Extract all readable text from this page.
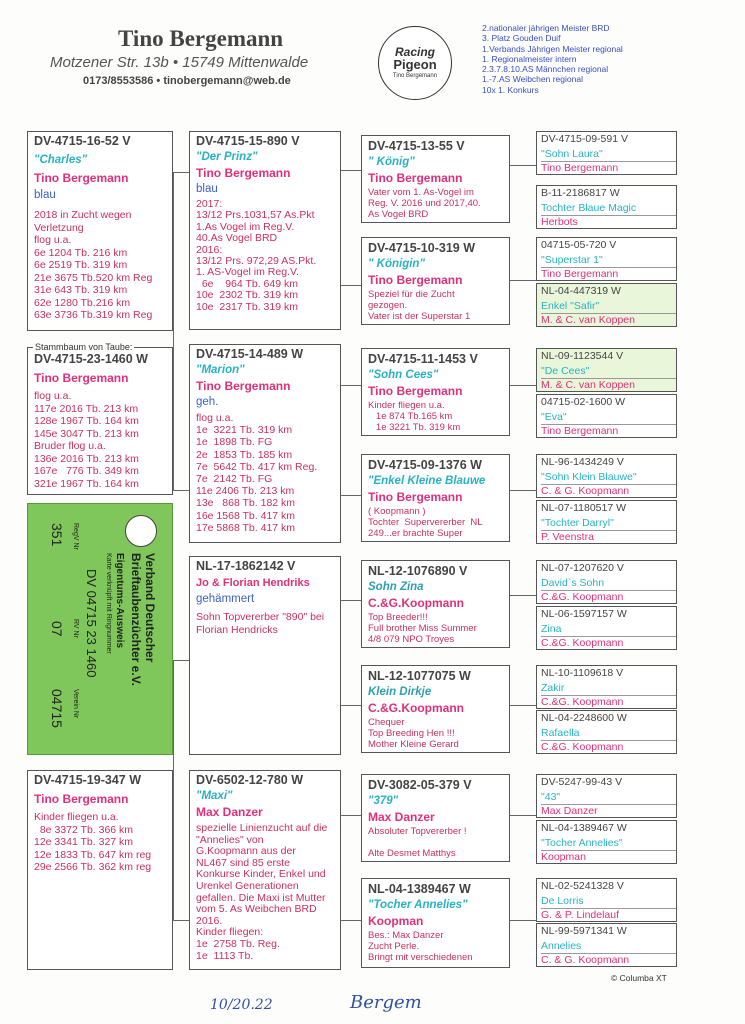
Tino Bergemann
Motzener Str. 13b • 15749 Mittenwalde
0173/8553586 • tinobergemann@web.de
Racing
Pigeon
Tino Bergemann
2.nationaler jährigen Meister BRD
3. Platz Gouden Duif
1.Verbands Jährigen Meister regional
1. Regionalmeister intern
2.3.7.8.10.AS Männchen regional
1.-7.AS Weibchen regional
10x 1. Konkurs
DV-4715-16-52 V
"Charles"
Tino Bergemann
blau
2018 in Zucht wegen
Verletzung
flog u.a.
6e 1204 Tb. 216 km
6e 2519 Tb. 319 km
21e 3675 Tb.520 km Reg
31e 643 Tb. 319 km
62e 1280 Tb.216 km
63e 3736 Tb.319 km Reg
Stammbaum von Taube:
DV-4715-23-1460 W
Tino Bergemann
flog u.a.
117e 2016 Tb. 213 km
128e 1967 Tb. 164 km
145e 3047 Tb. 213 km
Bruder flog u.a.
136e 2016 Tb. 213 km
167e   776 Tb. 349 km
321e 1967 Tb. 164 km
Verband Deutscher
Brieftaubenzüchter e.V.
Eigentums-Ausweis
Karte verknüpft mit Ringnummer
DV 04715 23 1460
RegV Nr
RV Nr
Verein Nr
351
07
04715
DV-4715-19-347 W
Tino Bergemann
Kinder fliegen u.a.
8e 3372 Tb. 366 km
12e 3341 Tb. 327 km
12e 1833 Tb. 647 km reg
29e 2566 Tb. 362 km reg
DV-4715-15-890 V
"Der Prinz"
Tino Bergemann
blau
2017:
13/12 Prs.1031,57 As.Pkt
1.As Vogel im Reg.V.
40.As Vogel BRD
2016:
13/12 Prs. 972,29 AS.Pkt.
1. AS-Vogel im Reg.V.
6e    964 Tb. 649 km
10e  2302 Tb. 319 km
10e  2317 Tb. 319 km
DV-4715-14-489 W
"Marion"
Tino Bergemann
geh.
flog u.a.
1e  3221 Tb. 319 km
1e  1898 Tb. FG
2e  1853 Tb. 185 km
7e  5642 Tb. 417 km Reg.
7e  2142 Tb. FG
11e 2406 Tb. 213 km
13e   868 Tb. 182 km
16e 1568 Tb. 417 km
17e 5868 Tb. 417 km
NL-17-1862142 V
Jo & Florian Hendriks
gehämmert
Sohn Topvererber "890" bei
Florian Hendricks
DV-6502-12-780 W
"Maxi"
Max Danzer
spezielle Linienzucht auf die
"Annelies" von
G.Koopmann aus der
NL467 sind 85 erste
Konkurse Kinder, Enkel und
Urenkel Generationen
gefallen. Die Maxi ist Mutter
vom 5. As Weibchen BRD
2016.
Kinder fliegen:
1e  2758 Tb. Reg.
1e  1113 Tb.
DV-4715-13-55 V
" König"
Tino Bergemann
Vater vom 1. As-Vogel im
Reg. V. 2016 und 2017,40.
As Vogel BRD
DV-4715-10-319 W
" Königin"
Tino Bergemann
Speziel für die Zucht
gezogen.
Vater ist der Superstar 1
DV-4715-11-1453 V
"Sohn Cees"
Tino Bergemann
Kinder fliegen u.a.
1e 874 Tb.165 km
1e 3221 Tb. 319 km
DV-4715-09-1376 W
"Enkel Kleine Blauwe
Tino Bergemann
( Koopmann )
Tochter  Supervererber  NL
249...er brachte Super
NL-12-1076890 V
Sohn Zina
C.&G.Koopmann
Top Breeder!!!
Full brother Miss Summer
4/8 079 NPO Troyes
NL-12-1077075 W
Klein Dirkje
C.&G.Koopmann
Chequer
Top Breeding Hen !!!
Mother Kleine Gerard
DV-3082-05-379 V
"379"
Max Danzer
Absoluter Topvererber !

Alte Desmet Matthys
NL-04-1389467 W
"Tocher Annelies"
Koopman
Bes.: Max Danzer
Zucht Perle.
Bringt mit verschiedenen
DV-4715-09-591 V
"Sohn Laura"
Tino Bergemann
B-11-2186817 W
Tochter Blaue Magic
Herbots
04715-05-720 V
"Superstar 1"
Tino Bergemann
NL-04-447319 W
Enkel "Safir"
M. & C. van Koppen
NL-09-1123544 V
"De Cees"
M. & C. van Koppen
04715-02-1600 W
"Eva"
Tino Bergemann
NL-96-1434249 V
"Sohn Klein Blauwe"
C. & G. Koopmann
NL-07-1180517 W
"Tochter Darryl"
P. Veenstra
NL-07-1207620 V
David`s Sohn
C.&G. Koopmann
NL-06-1597157 W
Zina
C.&G. Koopmann
NL-10-1109618 V
Zakir
C.&G. Koopmann
NL-04-2248600 W
Rafaella
C.&G. Koopmann
DV-5247-99-43 V
"43"
Max Danzer
NL-04-1389467 W
"Tocher Annelies"
Koopman
NL-02-5241328 V
De Lorris
G. & P. Lindelauf
NL-99-5971341 W
Annelies
C. & G. Koopmann
© Columba XT
10/20.22	Bergem
